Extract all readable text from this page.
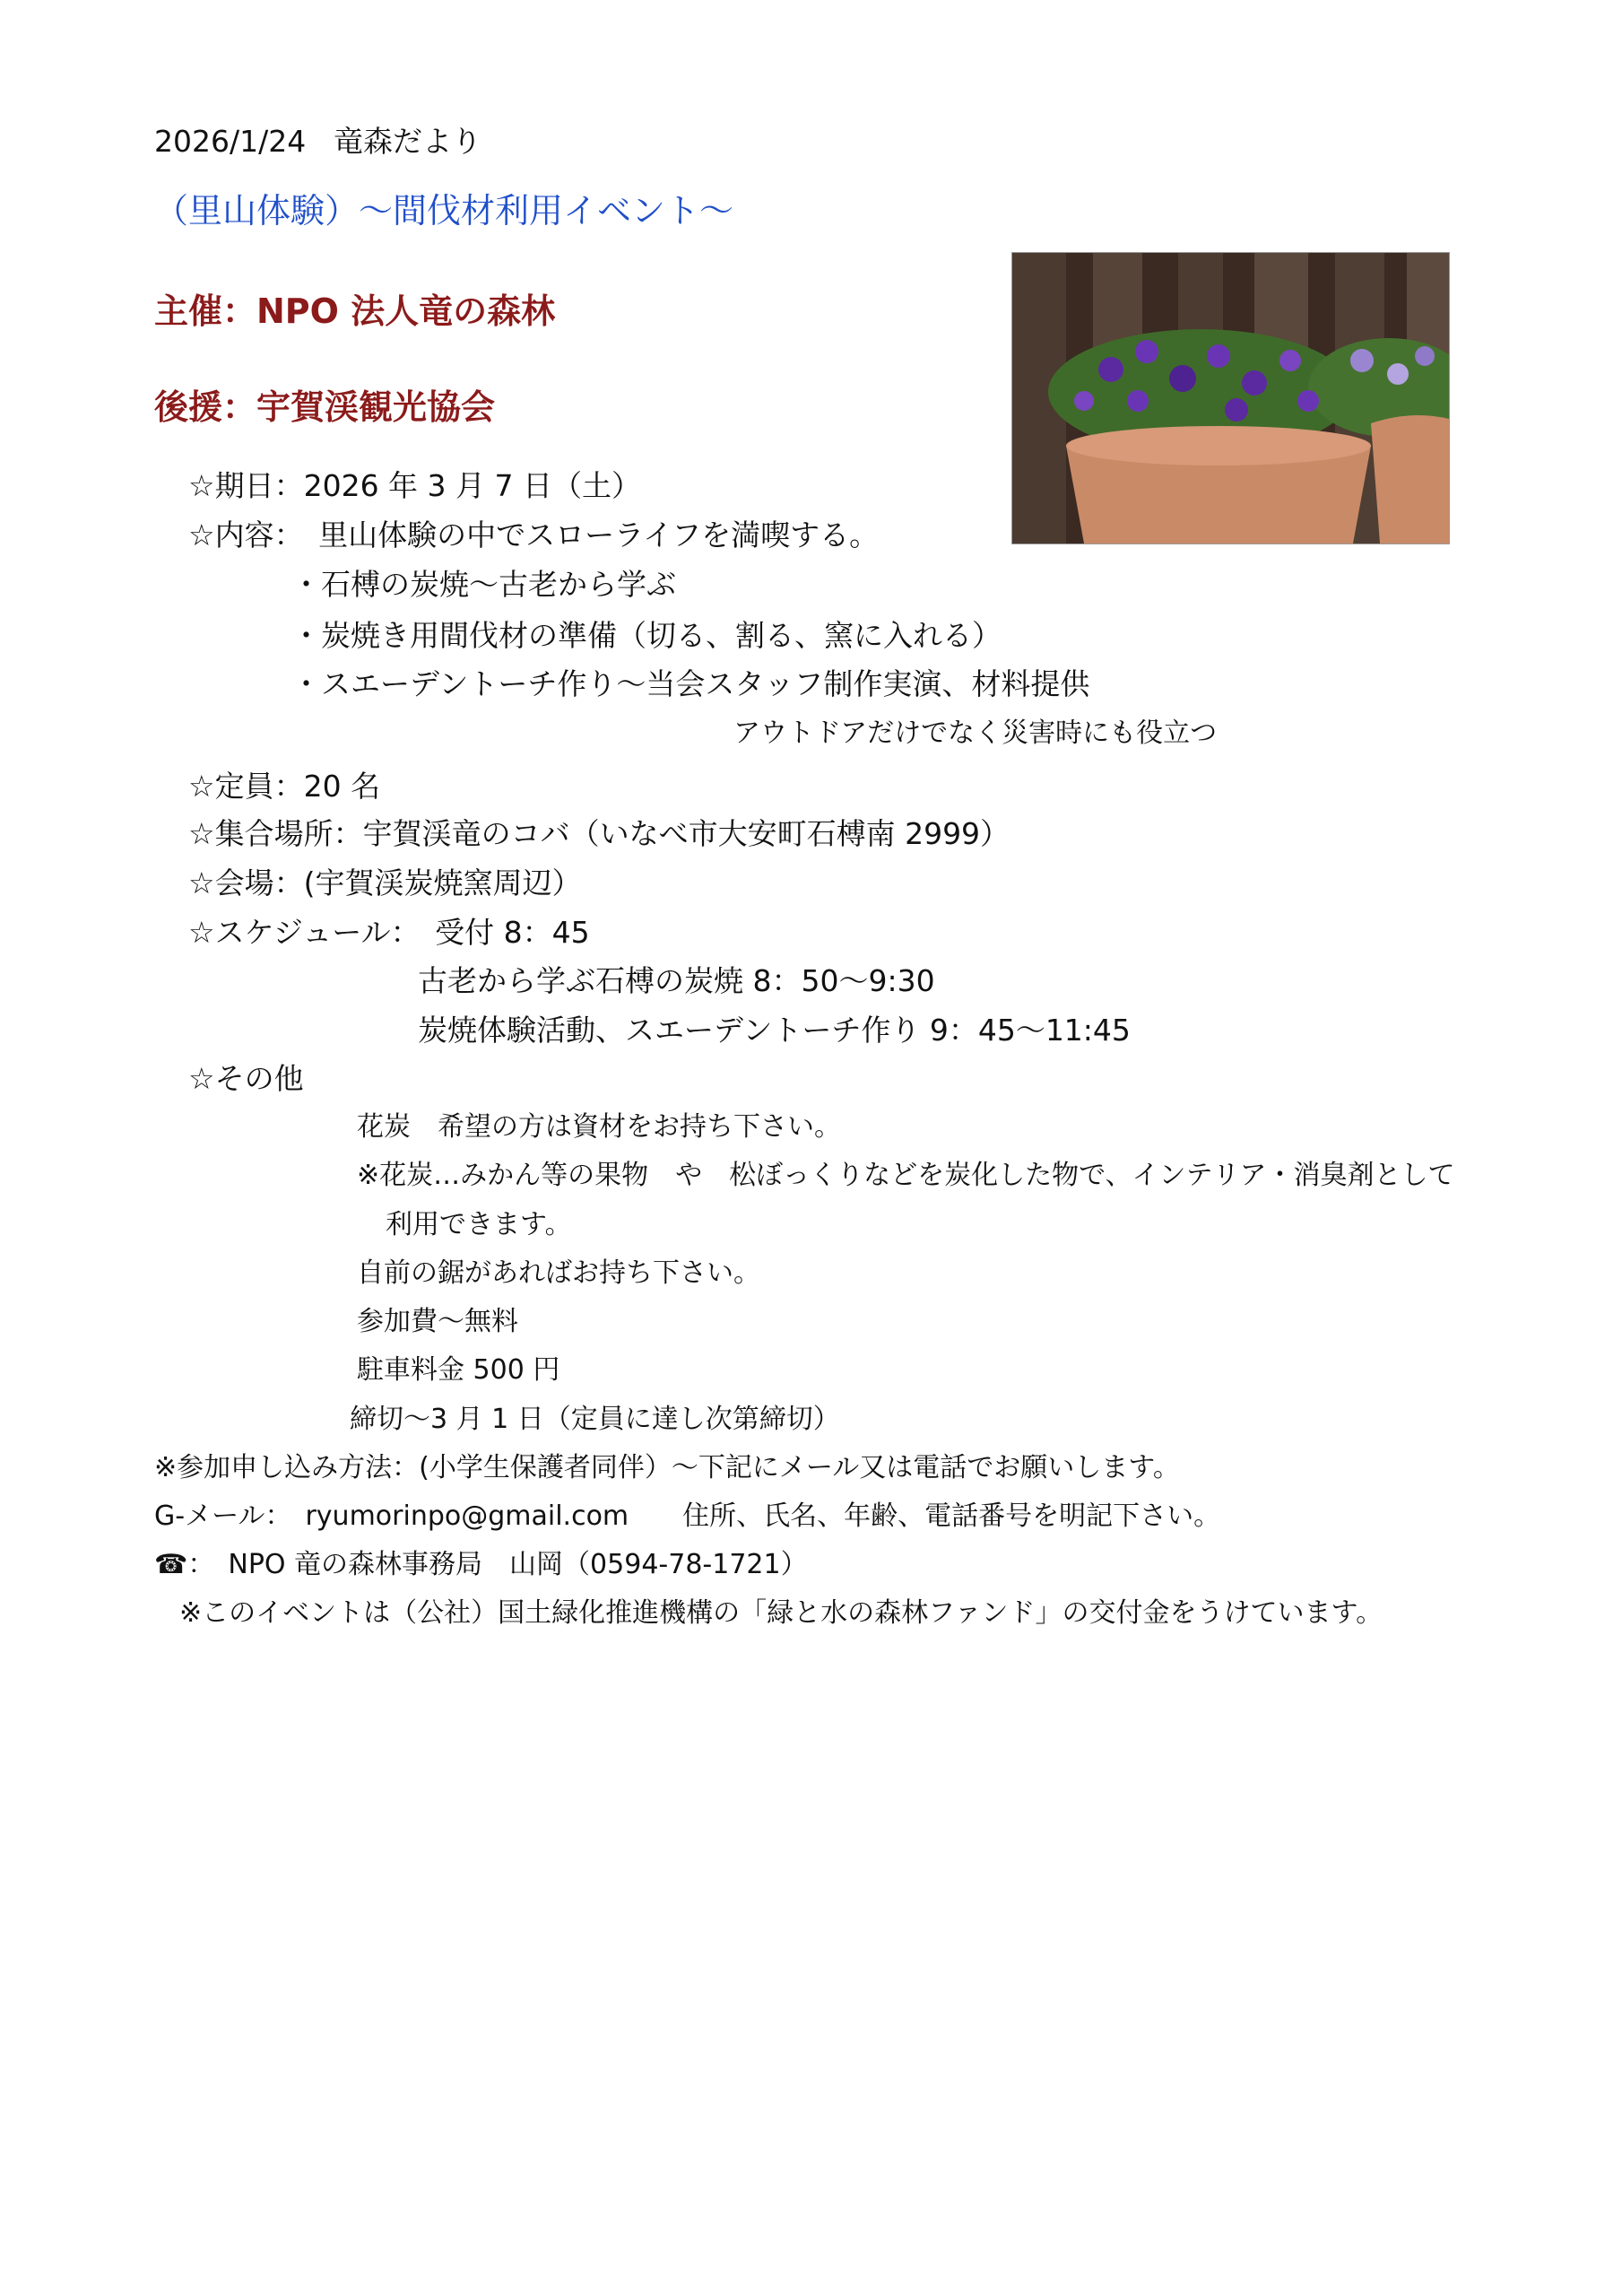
2026/1/24 竜森だより
（里山体験）～間伐材利用イベント～
主催：NPO 法人竜の森林
後援：宇賀渓観光協会
☆期日：2026 年 3 月 7 日（土）
☆内容：　里山体験の中でスローライフを満喫する。
・石榑の炭焼～古老から学ぶ
・炭焼き用間伐材の準備（切る、割る、窯に入れる）
・スエーデントーチ作り～当会スタッフ制作実演、材料提供
アウトドアだけでなく災害時にも役立つ
☆定員：20 名
☆集合場所：宇賀渓竜のコバ（いなべ市大安町石榑南 2999）
☆会場：(宇賀渓炭焼窯周辺）
☆スケジュール：　受付 8：45
古老から学ぶ石榑の炭焼 8：50～9:30
炭焼体験活動、スエーデントーチ作り 9：45～11:45
☆その他
花炭　希望の方は資材をお持ち下さい。
※花炭…みかん等の果物　や　松ぼっくりなどを炭化した物で、インテリア・消臭剤として
利用できます。
自前の鋸があればお持ち下さい。
参加費～無料
駐車料金 500 円
締切～3 月 1 日（定員に達し次第締切）
※参加申し込み方法：(小学生保護者同伴）～下記にメール又は電話でお願いします。
G-メール：　ryumorinpo@gmail.com　　住所、氏名、年齢、電話番号を明記下さい。
☎：　NPO 竜の森林事務局　山岡（0594-78-1721）
※このイベントは（公社）国土緑化推進機構の「緑と水の森林ファンド」の交付金をうけています。
